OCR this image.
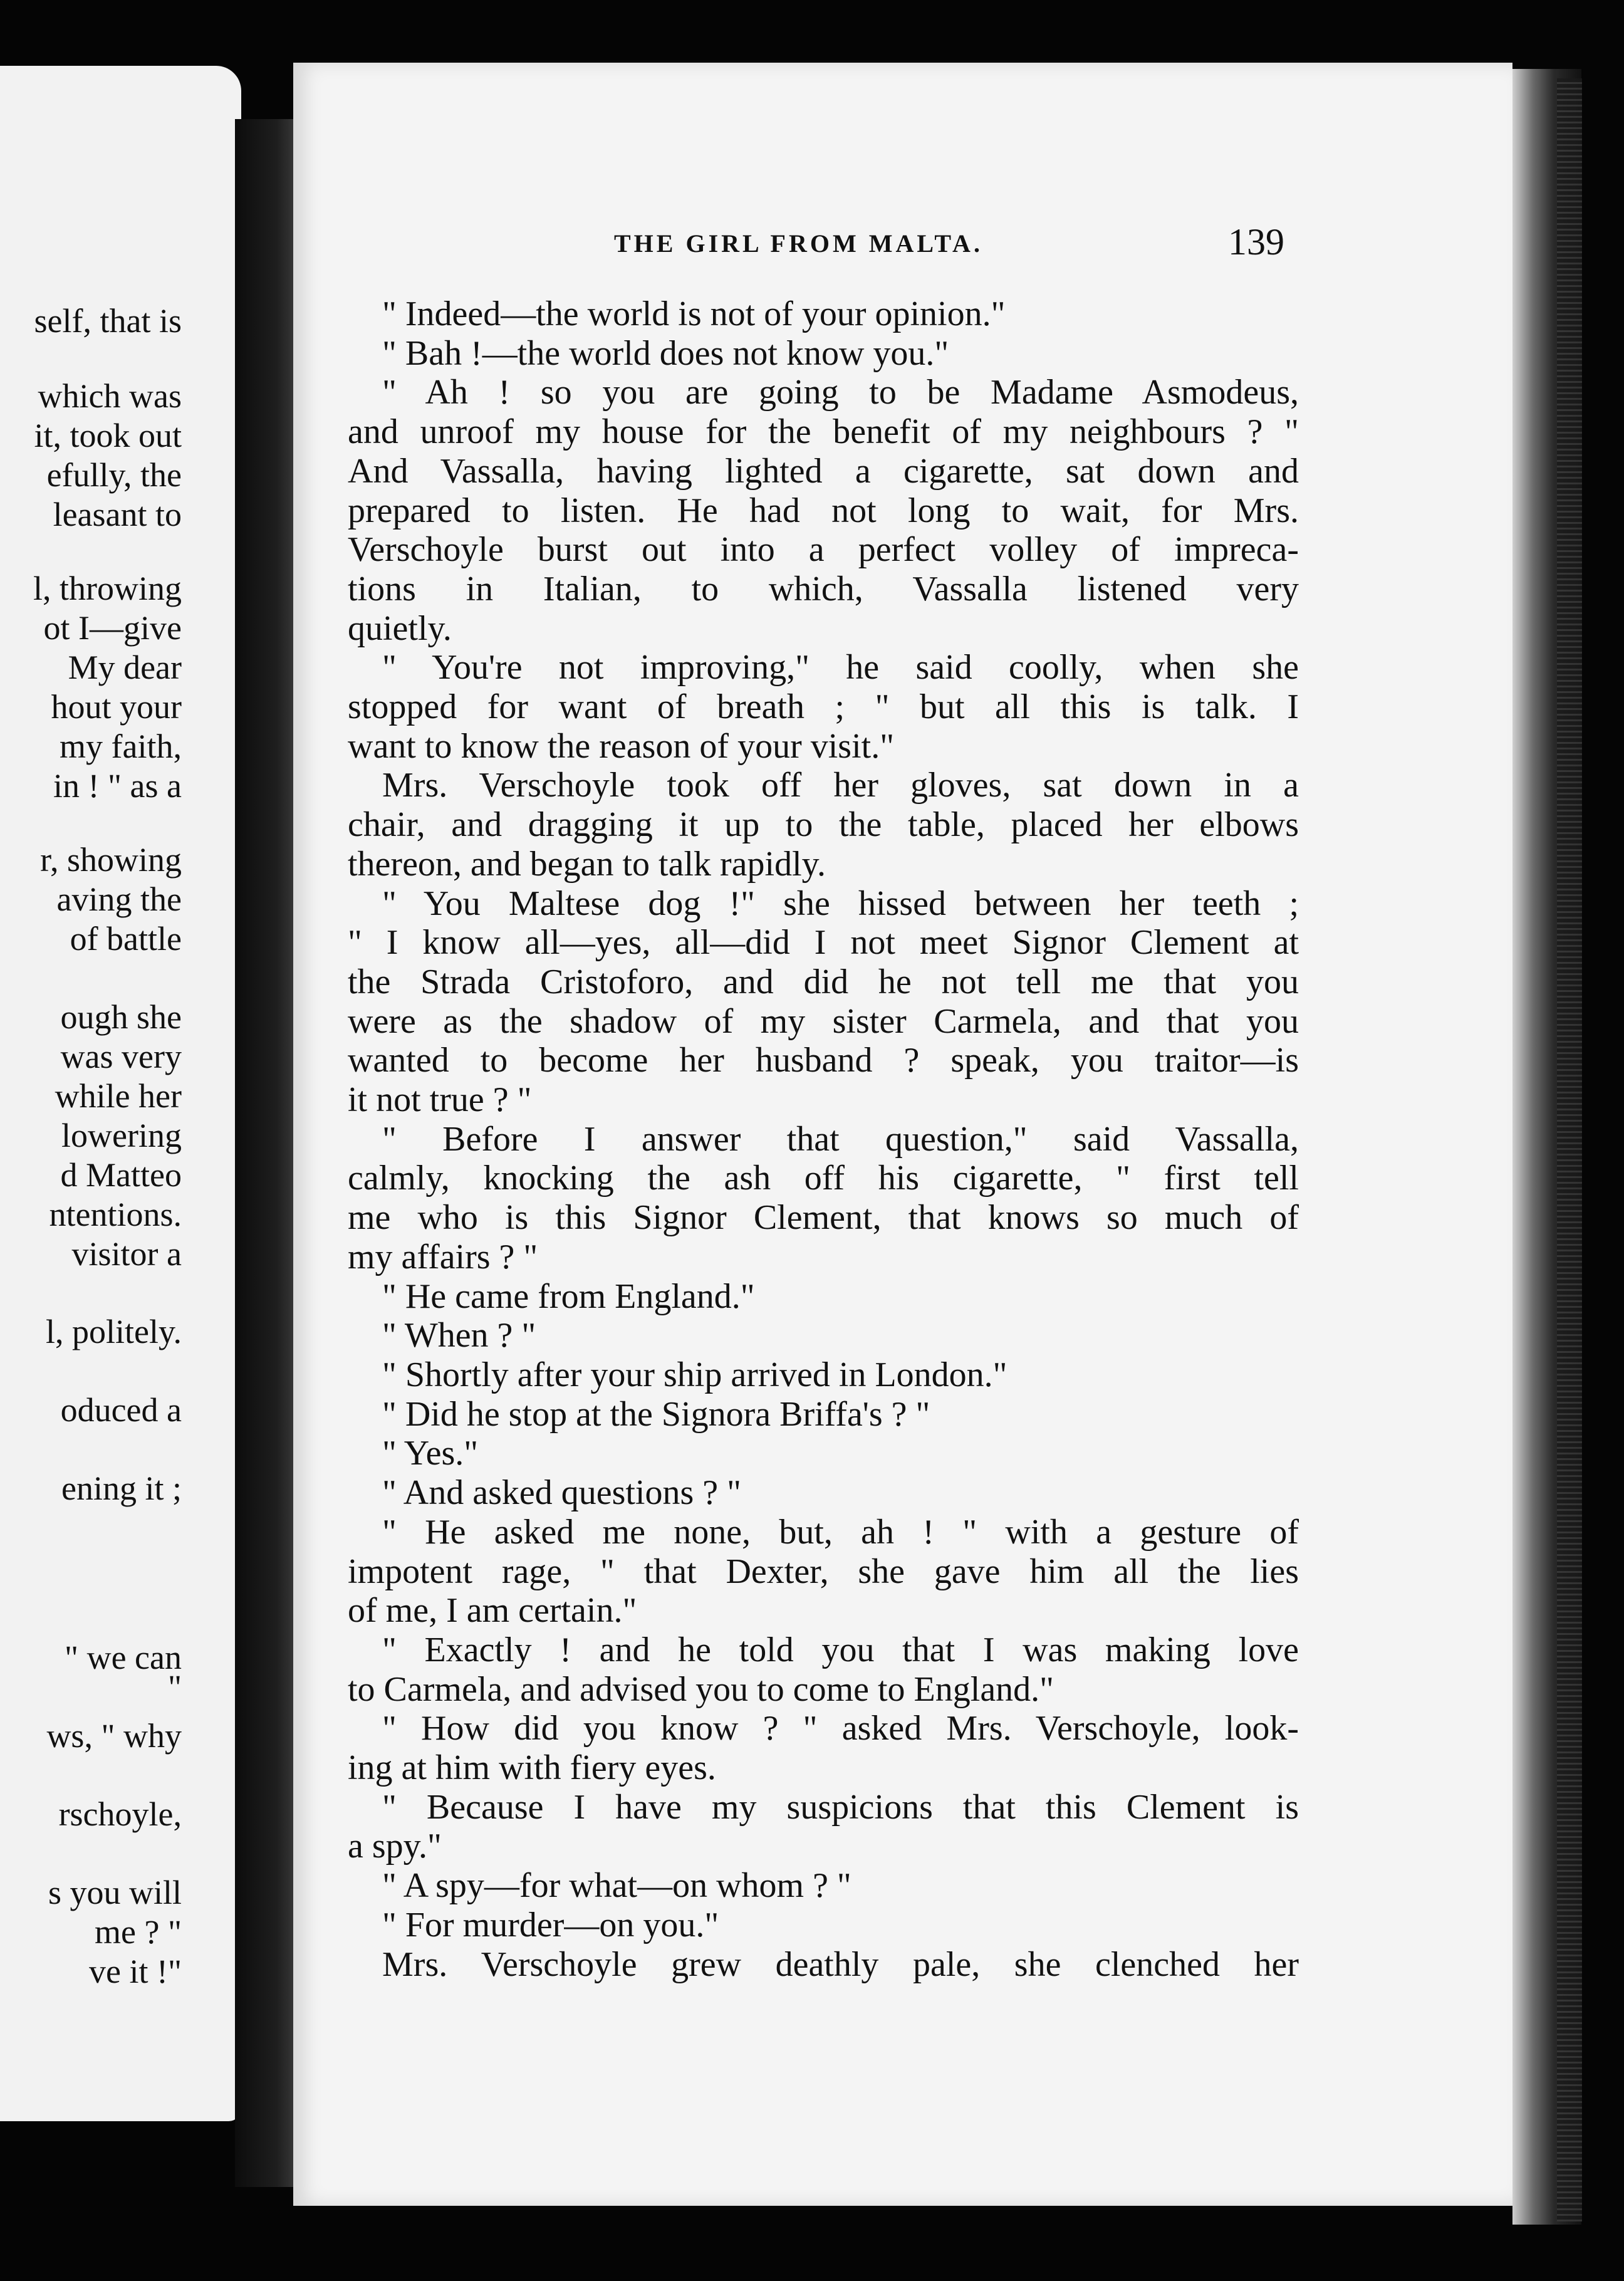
self, that is
which was
it, took out
efully, the
leasant to
l, throwing
ot I—give
My dear
hout your
my faith,
in ! " as a
r, showing
aving the
of battle
ough she
was very
while her
lowering
d Matteo
ntentions.
visitor a
l, politely.
oduced a
ening it ;
" we can
"
ws, " why
rschoyle,
s you will
me ? "
ve it !"
THE GIRL FROM MALTA.	139
" Indeed—the world is not of your opinion."
" Bah !—the world does not know you."
" Ah ! so you are going to be Madame Asmodeus,
and unroof my house for the benefit of my neighbours ? "
And Vassalla, having lighted a cigarette, sat down and
prepared to listen. He had not long to wait, for Mrs.
Verschoyle burst out into a perfect volley of impreca-
tions in Italian, to which, Vassalla listened very
quietly.
" You're not improving," he said coolly, when she
stopped for want of breath ; " but all this is talk. I
want to know the reason of your visit."
Mrs. Verschoyle took off her gloves, sat down in a
chair, and dragging it up to the table, placed her elbows
thereon, and began to talk rapidly.
" You Maltese dog !" she hissed between her teeth ;
" I know all—yes, all—did I not meet Signor Clement at
the Strada Cristoforo, and did he not tell me that you
were as the shadow of my sister Carmela, and that you
wanted to become her husband ? speak, you traitor—is
it not true ? "
" Before I answer that question," said Vassalla,
calmly, knocking the ash off his cigarette, " first tell
me who is this Signor Clement, that knows so much of
my affairs ? "
" He came from England."
" When ? "
" Shortly after your ship arrived in London."
" Did he stop at the Signora Briffa's ? "
" Yes."
" And asked questions ? "
" He asked me none, but, ah ! " with a gesture of
impotent rage, " that Dexter, she gave him all the lies
of me, I am certain."
" Exactly ! and he told you that I was making love
to Carmela, and advised you to come to England."
" How did you know ? " asked Mrs. Verschoyle, look-
ing at him with fiery eyes.
" Because I have my suspicions that this Clement is
a spy."
" A spy—for what—on whom ? "
" For murder—on you."
Mrs. Verschoyle grew deathly pale, she clenched her
